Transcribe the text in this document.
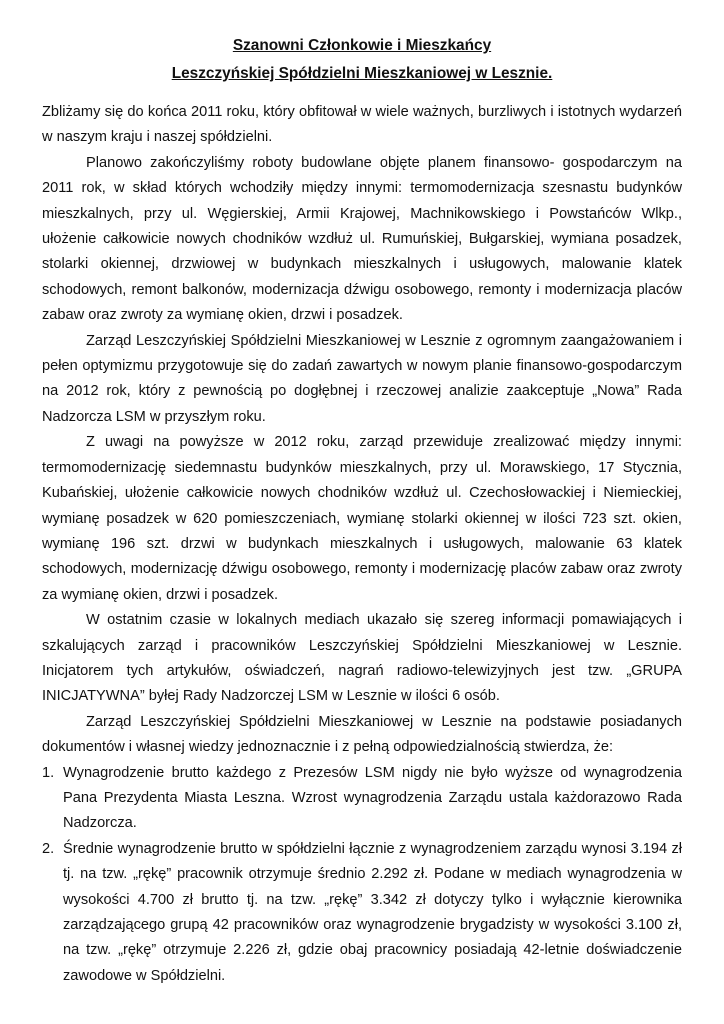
Szanowni Członkowie i Mieszkańcy
Leszczyńskiej Spółdzielni Mieszkaniowej w Lesznie.

Zbliżamy się do końca 2011 roku, który obfitował w wiele ważnych, burzliwych i istotnych wydarzeń w naszym kraju i naszej spółdzielni.

Planowo zakończyliśmy roboty budowlane objęte planem finansowo- gospodarczym na 2011 rok, w skład których wchodziły między innymi: termomodernizacja szesnastu budynków mieszkalnych, przy ul. Węgierskiej, Armii Krajowej, Machnikowskiego i Powstańców Wlkp., ułożenie całkowicie nowych chodników wzdłuż ul. Rumuńskiej, Bułgarskiej, wymiana posadzek, stolarki okiennej, drzwiowej w budynkach mieszkalnych i usługowych, malowanie klatek schodowych, remont balkonów, modernizacja dźwigu osobowego, remonty i modernizacja placów zabaw oraz zwroty za wymianę okien, drzwi i posadzek.

Zarząd Leszczyńskiej Spółdzielni Mieszkaniowej w Lesznie z ogromnym zaangażowaniem i pełen optymizmu przygotowuje się do zadań zawartych w nowym planie finansowo-gospodarczym na 2012 rok, który z pewnością po dogłębnej i rzeczowej analizie zaakceptuje „Nowa” Rada Nadzorcza LSM w przyszłym roku.

Z uwagi na powyższe w 2012 roku, zarząd przewiduje zrealizować między innymi: termomodernizację siedemnastu budynków mieszkalnych, przy ul. Morawskiego, 17 Stycznia, Kubańskiej, ułożenie całkowicie nowych chodników wzdłuż ul. Czechosłowackiej i Niemieckiej, wymianę posadzek w 620 pomieszczeniach, wymianę stolarki okiennej w ilości 723 szt. okien, wymianę 196 szt. drzwi w budynkach mieszkalnych i usługowych, malowanie 63 klatek schodowych, modernizację dźwigu osobowego, remonty i modernizację placów zabaw oraz zwroty za wymianę okien, drzwi i posadzek.

W ostatnim czasie w lokalnych mediach ukazało się szereg informacji pomawiających i szkalujących zarząd i pracowników Leszczyńskiej Spółdzielni Mieszkaniowej w Lesznie. Inicjatorem tych artykułów, oświadczeń, nagrań radiowo-telewizyjnych jest tzw. „GRUPA INICJATYWNA” byłej Rady Nadzorczej LSM w Lesznie w ilości 6 osób.

Zarząd Leszczyńskiej Spółdzielni Mieszkaniowej w Lesznie na podstawie posiadanych dokumentów i własnej wiedzy jednoznacznie i z pełną odpowiedzialnością stwierdza, że:

1. Wynagrodzenie brutto każdego z Prezesów LSM nigdy nie było wyższe od wynagrodzenia Pana Prezydenta Miasta Leszna. Wzrost wynagrodzenia Zarządu ustala każdorazowo Rada Nadzorcza.
2. Średnie wynagrodzenie brutto w spółdzielni łącznie z wynagrodzeniem zarządu wynosi 3.194 zł tj. na tzw. „rękę” pracownik otrzymuje średnio 2.292 zł. Podane w mediach wynagrodzenia w wysokości 4.700 zł brutto tj. na tzw. „rękę” 3.342 zł dotyczy tylko i wyłącznie kierownika zarządzającego grupą 42 pracowników oraz wynagrodzenie brygadzisty w wysokości 3.100 zł, na tzw. „rękę” otrzymuje 2.226 zł, gdzie obaj pracownicy posiadają 42-letnie doświadczenie zawodowe w Spółdzielni.
